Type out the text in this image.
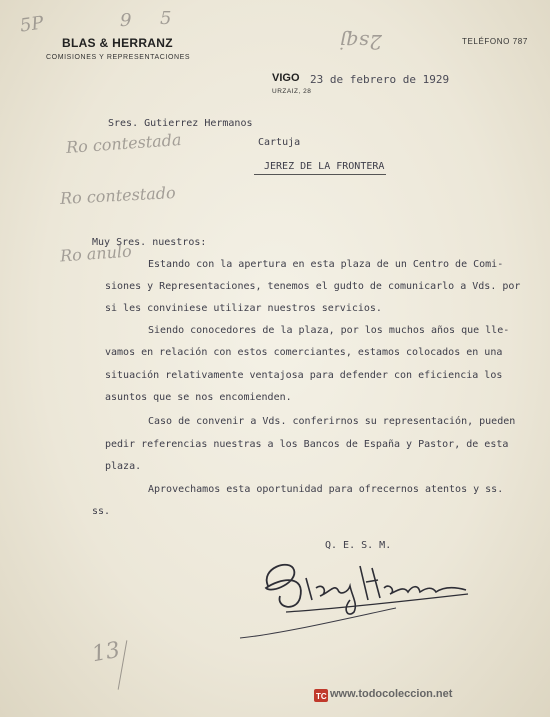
BLAS & HERRANZ
COMISIONES Y REPRESENTACIONES
TELÉFONO 787
VIGO
URZAIZ, 28
23 de febrero de 1929
Sres. Gutierrez Hermanos
Cartuja
JEREZ DE LA FRONTERA
Muy Sres. nuestros:
Estando con la apertura en esta plaza de un Centro de Comi-
siones y Representaciones, tenemos el gudto de comunicarlo a Vds. por
si les conviniese utilizar nuestros servicios.
Siendo conocedores de la plaza, por los muchos años que lle-
vamos en relación con estos comerciantes, estamos colocados en una
situación relativamente ventajosa para defender con eficiencia los
asuntos que se nos encomienden.
Caso de convenir a Vds. conferirnos su representación, pueden
pedir referencias nuestras a los Bancos de España y Pastor, de esta
plaza.
Aprovechamos esta oportunidad para ofrecernos atentos y ss.
ss.
Q. E. S. M.
5P	9 5
2sqj
Ro contestada
Ro contestado
Ro anulo
13
TC www.todocoleccion.net
